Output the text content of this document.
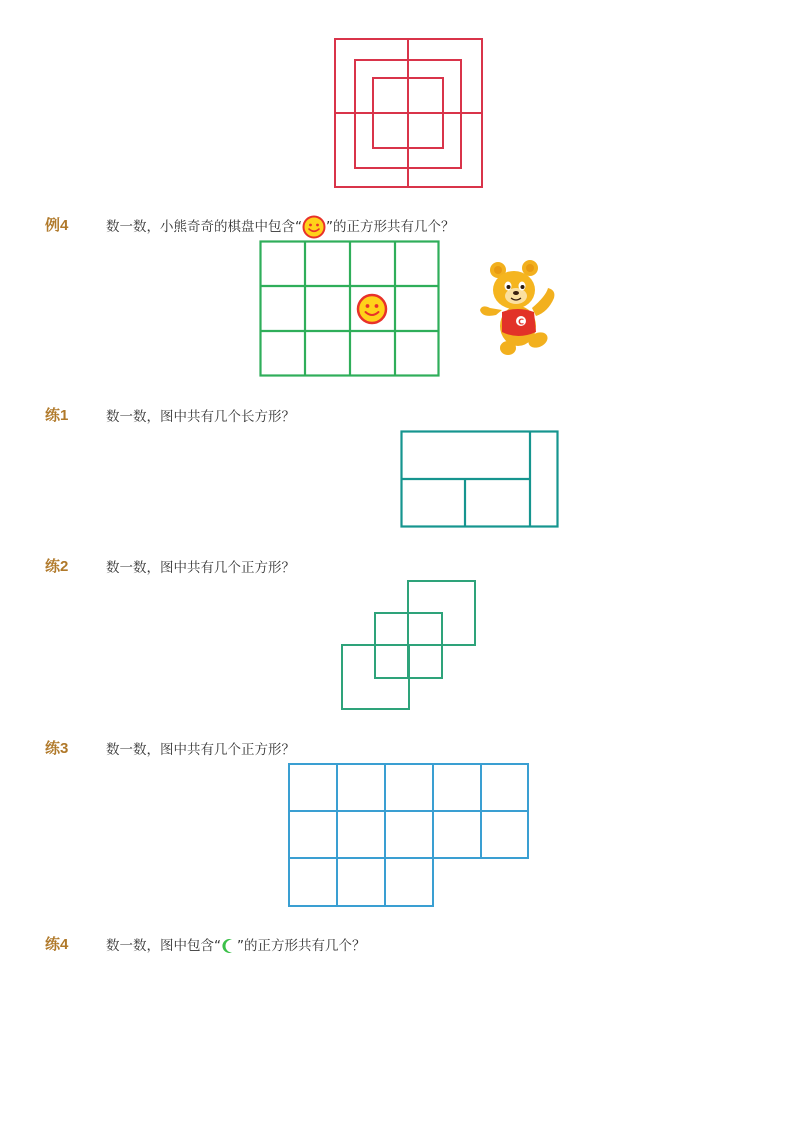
例4	数一数，小熊奇奇的棋盘中包含“ ”的正方形共有几个？
C
练1	数一数，图中共有几个长方形？
练2	数一数，图中共有几个正方形？
练3	数一数，图中共有几个正方形？
练4	数一数，图中包含“ ”的正方形共有几个？
